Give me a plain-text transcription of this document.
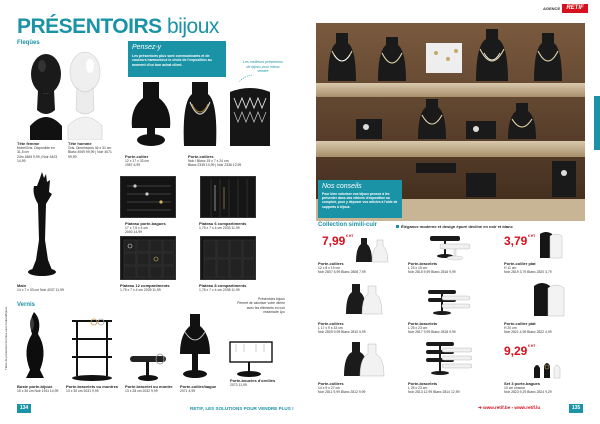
PRÉSENTOIRS bijoux
Fleqûes
Tête femme
Noire/Gris. Disponible en 31,5 cm
23m 1865 9,99 | Noir 3403 14,99
Tête homme
Gris. Dimensions 46 x 31 cm
Blanc 4069 99,99 | Noir 4071 99,99
Pensez-y
Les présentoirs plus sont communicants et de couleurs harmonieux le choix de l'exposition au moment d'un bon achat client.
Les meilleurs présentoirs de bijoux pour mieux vendre
Porte-collier
12 x 17 x 33 cm
1987 6,99
Porte-colliers
Noir / Blanc 15 x 7 x 24 cm
Blanc 2335 14,99 | Noir 2336 12,99
Main
14 x 7 x 33 cm Noir 4037 11,99
Plateau porte-bagues
17 x 7,5 x 4 cm
2040 14,99
Plateau 6 compartiments
1,75 x 7 x 4 cm 2033 11,99
Plateau 12 compartiments
1,75 x 7 x 4 cm 2039 11,99
Plateau 8 compartiments
1,75 x 7 x 4 cm 2038 11,99
Présentoirs bijoux
Permet de valoriser votre vitrine avec les éléments en cuir
readmade 1pc
Vernis
Têtes de présentoir fournies sans foulard/bijoux
Buste porte-bijoux
15 x 30 cm Noir 1911 14,99
Porte-bracelets ou montres
13 x 30 cm 2031 9,99
Porte-bracelet ou montre
13 x 28 cm 2032 9,99
Porte-collier/bague
2071 4,99
Porte-boucles d'oreilles
2073 11,99
134	RETIF, LES SOLUTIONS POUR VENDRE PLUS !
AGENCE	RETIF
Nos conseils
Pour bien valoriser vos bijoux pensez à les présenter dans des vitrines d'exposition au comptoir, pour y déposer vos articles à l'aide de supports à bijoux.
Collection simili-cuir	Élégance moderne et design épuré décliné en noir et blanc
7,99 € HT
Porte-colliers
12 x 8 x 19 cm
Noir 2807 5,99 Blanc 2808 7,99
Porte-bracelets
L 23 x 15 cm
Noir 2815 9,99 Blanc 2816 9,99
3,79 € HT
Porte-collier plat
H 11 cm
Noir 2819 3,79 Blanc 2820 3,79
Porte-colliers
L 17 x 9 x 33 cm
Noir 2809 9,99 Blanc 2810 9,99
Porte-bracelets
L 25 x 23 cm
Noir 2817 9,99 Blanc 2818 9,99
Porte-collier plat
H 20 cm
Noir 2821 4,99 Blanc 2822 4,99
Porte-colliers
14 x 9 x 27 cm
Noir 2811 9,99 Blanc 2812 9,99
Porte-bracelets
L 25 x 23 cm
Noir 2813 12,99 Blanc 2814 12,99
9,29 € HT
Set 3 porte-bagues
10 cm chacun
Noir 2823 9,29 Blanc 2824 9,29
➔ www.retif.be - www.retif.lu	135
